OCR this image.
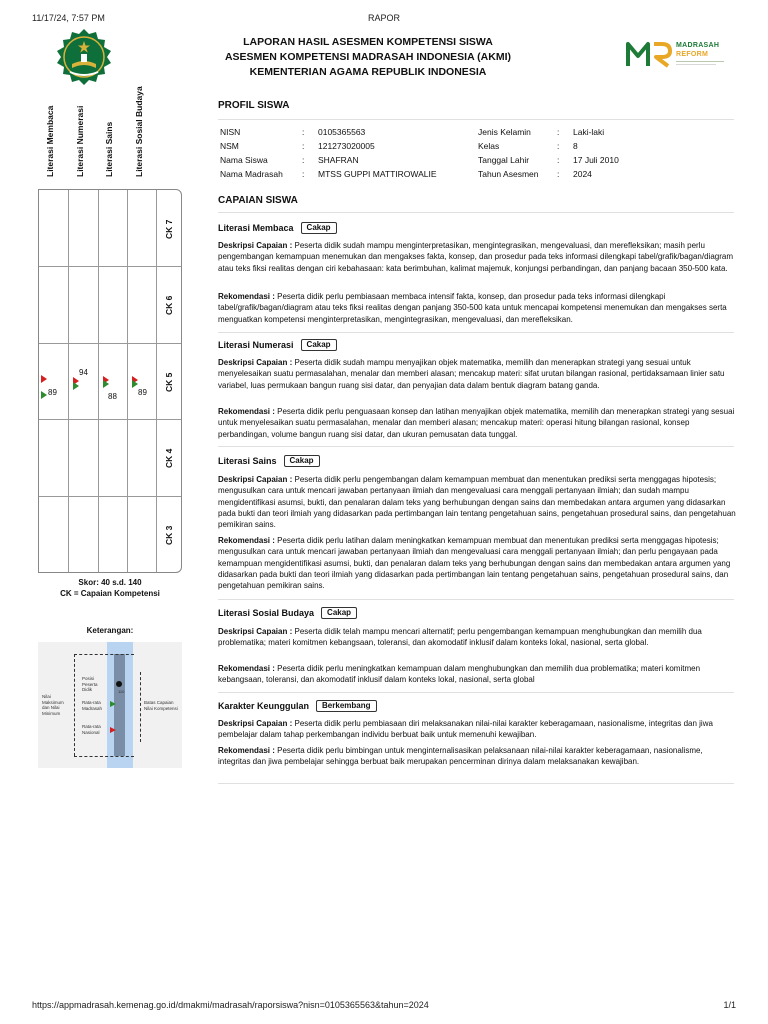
11/17/24, 7:57 PM	RAPOR
LAPORAN HASIL ASESMEN KOMPETENSI SISWA
ASESMEN KOMPETENSI MADRASAH INDONESIA (AKMI)
KEMENTERIAN AGAMA REPUBLIK INDONESIA
MADRASAH
REFORM
Literasi Membaca Literasi Numerasi Literasi Sains Literasi Sosial Budaya
CK 7
CK 6
CK 5
CK 4
CK 3
89
94
88	89
Skor: 40 s.d. 140
CK = Capaian Kompetensi
Keterangan:
Nilai Maksimum dan Nilai Minimum
Posisi Peserta Didik
Rata-rata Madrasah
Rata-rata Nasional
Batas Capaian Nilai Kompetensi
110
PROFIL SISWA
NISN	: 0105365563	Jenis Kelamin	: Laki-laki
NSM	: 121273020005	Kelas	: 8
Nama Siswa	: SHAFRAN	Tanggal Lahir	: 17 Juli 2010
Nama Madrasah : MTSS GUPPI MATTIROWALIE	Tahun Asesmen : 2024
CAPAIAN SISWA
Literasi Membaca Cakap
Deskripsi Capaian : Peserta didik sudah mampu menginterpretasikan, mengintegrasikan, mengevaluasi, dan merefleksikan; masih perlu pengembangan kemampuan menemukan dan mengakses fakta, konsep, dan prosedur pada teks informasi dilengkapi tabel/grafik/bagan/diagram atau teks fiksi realitas dengan ciri kebahasaan: kata berimbuhan, kalimat majemuk, konjungsi perbandingan, dan panjang bacaan 350-500 kata.
Rekomendasi : Peserta didik perlu pembiasaan membaca intensif fakta, konsep, dan prosedur pada teks informasi dilengkapi tabel/grafik/bagan/diagram atau teks fiksi realitas dengan panjang 350-500 kata untuk mencapai kompetensi menemukan dan mengakses serta menguatkan kompetensi menginterpretasikan, mengintegrasikan, mengevaluasi, dan merefleksikan.
Literasi Numerasi Cakap
Deskripsi Capaian : Peserta didik sudah mampu menyajikan objek matematika, memilih dan menerapkan strategi yang sesuai untuk menyelesaikan suatu permasalahan, menalar dan memberi alasan; mencakup materi: sifat urutan bilangan rasional, pertidaksamaan linier satu variabel, luas permukaan bangun ruang sisi datar, dan penyajian data dalam bentuk diagram batang ganda.
Rekomendasi : Peserta didik perlu penguasaan konsep dan latihan menyajikan objek matematika, memilih dan menerapkan strategi yang sesuai untuk menyelesaikan suatu permasalahan, menalar dan memberi alasan; mencakup materi: operasi hitung bilangan rasional, konsep perbandingan, volume bangun ruang sisi datar, dan ukuran pemusatan data tunggal.
Literasi Sains Cakap
Deskripsi Capaian : Peserta didik perlu pengembangan dalam kemampuan membuat dan menentukan prediksi serta menggagas hipotesis; mengusulkan cara untuk mencari jawaban pertanyaan ilmiah dan mengevaluasi cara menggali pertanyaan ilmiah; dan sudah mampu mengidentifikasi asumsi, bukti, dan penalaran dalam teks yang berhubungan dengan sains dan membedakan antara argumen yang didasarkan pada bukti dan teori ilmiah yang didasarkan pada pertimbangan lain tentang pengetahuan sains, pengetahuan prosedural sains, dan pengetahuan pemikiran sains.
Rekomendasi : Peserta didik perlu latihan dalam meningkatkan kemampuan membuat dan menentukan prediksi serta menggagas hipotesis; mengusulkan cara untuk mencari jawaban pertanyaan ilmiah dan mengevaluasi cara menggali pertanyaan ilmiah; dan perlu pengayaan pada kemampuan mengidentifikasi asumsi, bukti, dan penalaran dalam teks yang berhubungan dengan sains dan membedakan antara argumen yang didasarkan pada bukti dan teori ilmiah yang didasarkan pada pertimbangan lain tentang pengetahuan sains, pengetahuan prosedural sains, dan pengetahuan pemikiran sains.
Literasi Sosial Budaya Cakap
Deskripsi Capaian : Peserta didik telah mampu mencari alternatif; perlu pengembangan kemampuan menghubungkan dan memilih dua problematika; materi komitmen kebangsaan, toleransi, dan akomodatif inklusif dalam konteks lokal, nasional, serta global.
Rekomendasi : Peserta didik perlu meningkatkan kemampuan dalam menghubungkan dan memilih dua problematika; materi komitmen kebangsaan, toleransi, dan akomodatif inklusif dalam konteks lokal, nasional, serta global
Karakter Keunggulan Berkembang
Deskripsi Capaian : Peserta didik perlu pembiasaan diri melaksanakan nilai-nilai karakter keberagamaan, nasionalisme, integritas dan jiwa pembelajar dalam tahap perkembangan individu berbuat baik untuk memenuhi kewajiban.
Rekomendasi : Peserta didik perlu bimbingan untuk menginternalisasikan pelaksanaan nilai-nilai karakter keberagamaan, nasionalisme, integritas dan jiwa pembelajar sehingga berbuat baik merupakan pencerminan dirinya dalam melaksanakan kewajiban.
https://appmadrasah.kemenag.go.id/dmakmi/madrasah/raporsiswa?nisn=0105365563&tahun=2024	1/1
